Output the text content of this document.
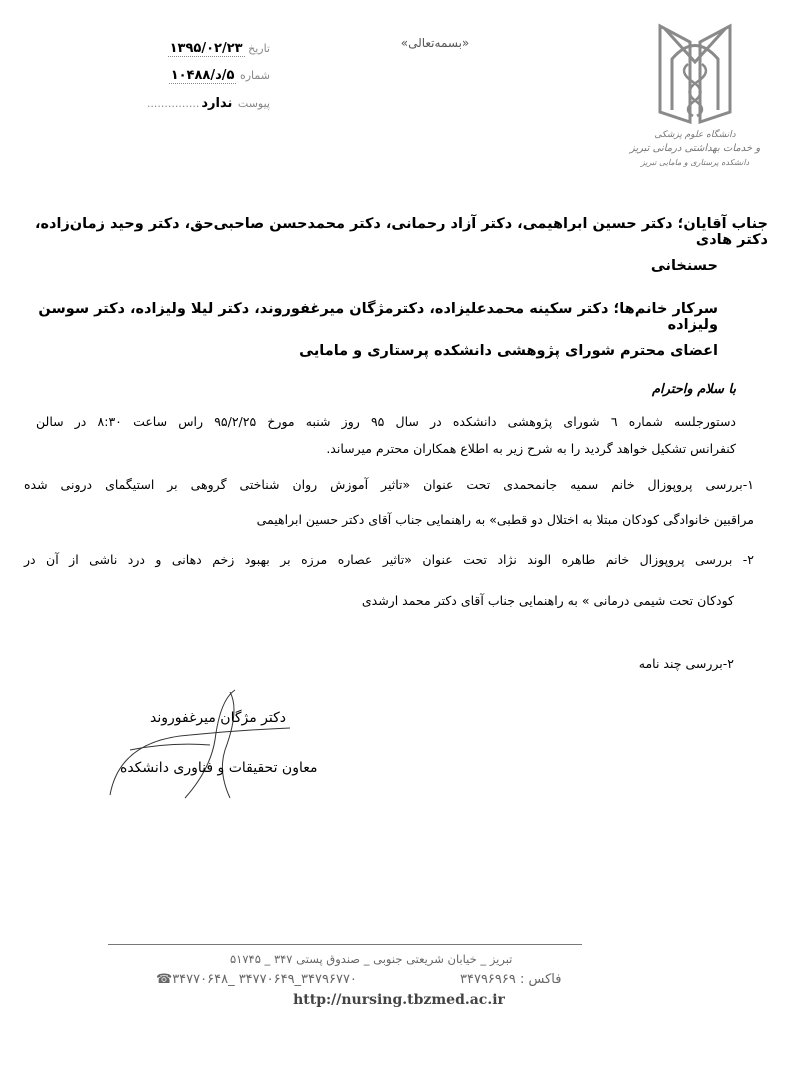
دانشگاه علوم پزشکی
و خدمات بهداشتی درمانی تبریز
دانشکده پرستاری و مامایی تبریز
«بسمه‌تعالی»
تاریخ ۱۳۹۵/۰۲/۲۳
شماره ۵/د/۱۰۴۸۸
پیوست ندارد...............
جناب آقایان؛ دکتر حسین ابراهیمی، دکتر آزاد رحمانی، دکتر محمدحسن صاحبی‌حق، دکتر وحید زمان‌زاده، دکتر هادی
حسنخانی
سرکار خانم‌ها؛ دکتر سکینه محمدعلیزاده، دکترمژگان میرغفوروند، دکتر لیلا ولیزاده، دکتر سوسن ولیزاده
اعضای محترم شورای پژوهشی دانشکده پرستاری و مامایی
با سلام واحترام
دستورجلسه شماره ٦ شورای پژوهشی دانشکده در سال ۹۵ روز شنبه مورخ ۹۵/۲/۲۵ راس ساعت ۸:۳۰ در سالن
کنفرانس تشکیل خواهد گردید را به شرح زیر به اطلاع همکاران محترم میرساند.
۱-بررسی پروپوزال خانم سمیه جانمحمدی تحت عنوان «تاثیر آموزش روان شناختی گروهی بر استیگمای درونی شده
مراقبین خانوادگی کودکان مبتلا به اختلال دو قطبی» به راهنمایی جناب آقای دکتر حسین ابراهیمی
۲- بررسی پروپوزال خانم طاهره الوند نژاد تحت عنوان «تاثیر عصاره مرزه بر بهبود زخم دهانی و درد ناشی از آن در
کودکان تحت شیمی درمانی » به راهنمایی جناب آقای دکتر محمد ارشدی
۲-بررسی چند نامه
دکتر مژگان میرغفوروند
معاون تحقیقات و فناوری دانشکده
تبریز _ خیابان شریعتی جنوبی _ صندوق پستی ۳۴۷ _ ۵۱۷۴۵
☎۳۴۷۷۰۶۴۸_ ۳۴۷۷۰۶۴۹_۳۴۷۹۶۷۷۰	فاکس : ۳۴۷۹۶۹۶۹
http://nursing.tbzmed.ac.ir
